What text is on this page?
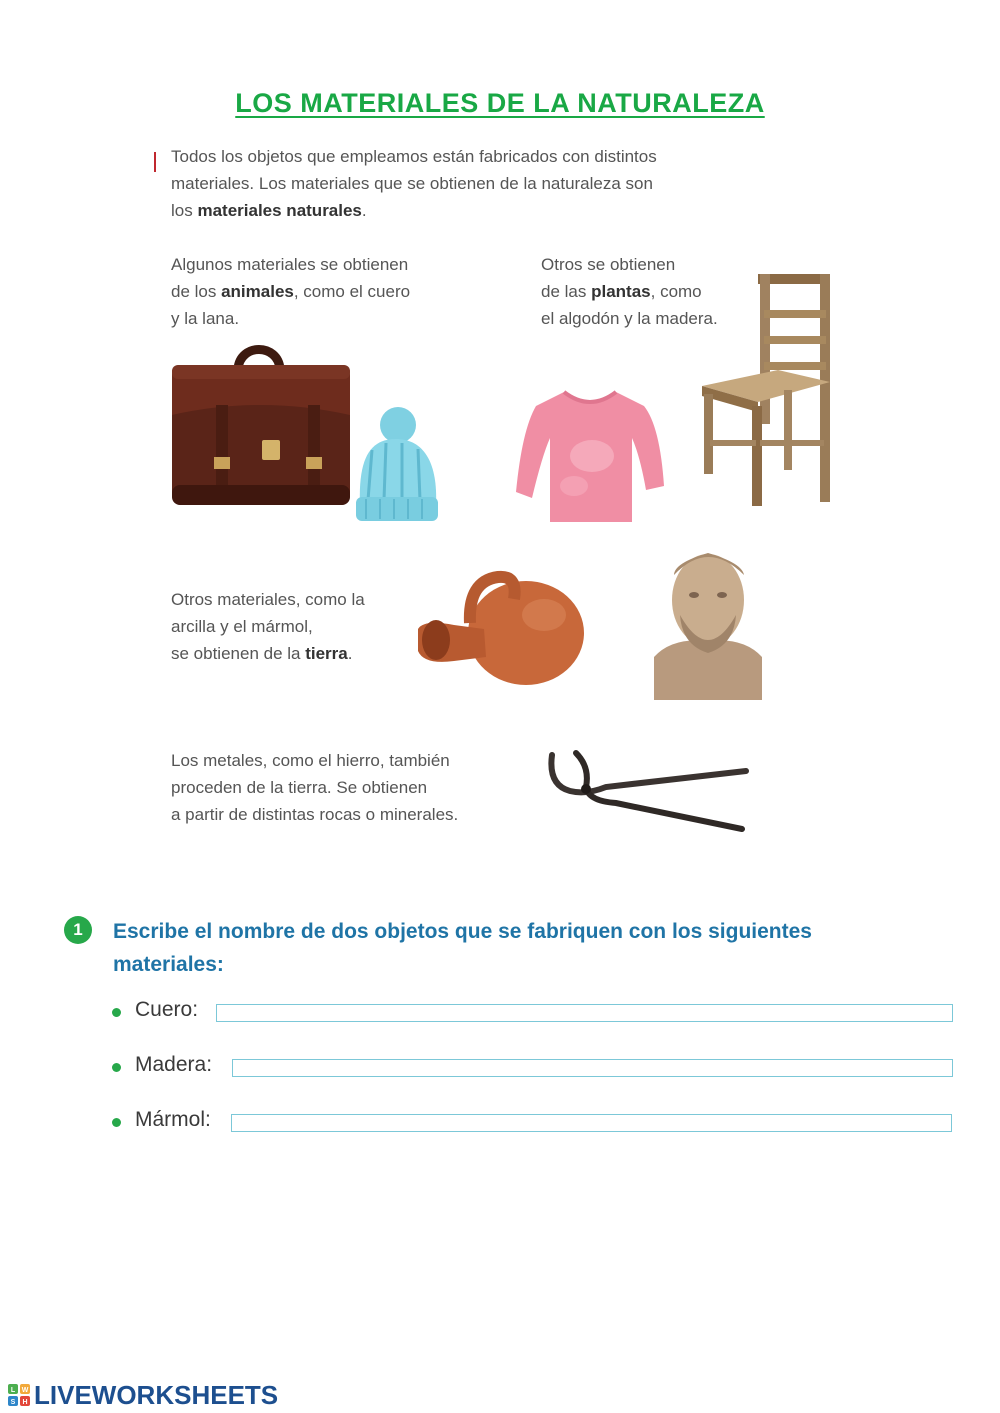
LOS MATERIALES DE LA NATURALEZA
Todos los objetos que empleamos están fabricados con distintos
materiales. Los materiales que se obtienen de la naturaleza son
los materiales naturales.
Algunos materiales se obtienen
de los animales, como el cuero
y la lana.
Otros se obtienen
de las plantas, como
el algodón y la madera.
Otros materiales, como la
arcilla y el mármol,
se obtienen de la tierra.
Los metales, como el hierro, también
proceden de la tierra. Se obtienen
a partir de distintas rocas o minerales.
1	Escribe el nombre de dos objetos que se fabriquen con los siguientes materiales:
Cuero:
Madera:
Mármol:
L W
S H LIVEWORKSHEETS
